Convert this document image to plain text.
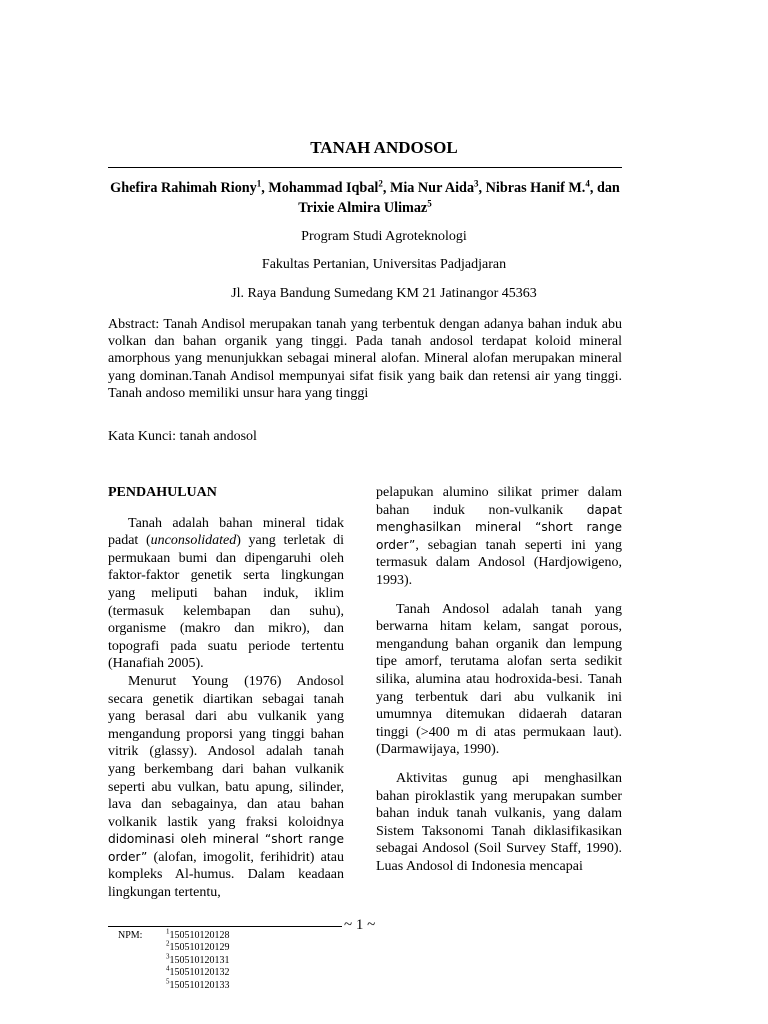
TANAH ANDOSOL
Ghefira Rahimah Riony$^1$, Mohammad Iqbal$^2$, Mia Nur Aida$^3$, Nibras Hanif M.$^4$, dan Trixie Almira Ulimaz$^5$
Program Studi Agroteknologi
Fakultas Pertanian, Universitas Padjadjaran
Jl. Raya Bandung Sumedang KM 21 Jatinangor 45363
Abstract: Tanah Andisol merupakan tanah yang terbentuk dengan adanya bahan induk abu volkan dan bahan organik yang tinggi. Pada tanah andosol terdapat koloid mineral amorphous yang menunjukkan sebagai mineral alofan. Mineral alofan merupakan mineral yang dominan.Tanah Andisol mempunyai sifat fisik yang baik dan retensi air yang tinggi. Tanah andoso memiliki unsur hara yang tinggi
Kata Kunci: tanah andosol

PENDAHULUAN

Tanah adalah bahan mineral tidak padat (unconsolidated) yang terletak di permukaan bumi dan dipengaruhi oleh faktor-faktor genetik serta lingkungan yang meliputi bahan induk, iklim (termasuk kelembapan dan suhu), organisme (makro dan mikro), dan topografi pada suatu periode tertentu (Hanafiah 2005).

Menurut Young (1976) Andosol secara genetik diartikan sebagai tanah yang berasal dari abu vulkanik yang mengandung proporsi yang tinggi bahan vitrik (glassy). Andosol adalah tanah yang berkembang dari bahan vulkanik seperti abu vulkan, batu apung, silinder, lava dan sebagainya, dan atau bahan volkanik lastik yang fraksi koloidnya didominasi oleh mineral “short range order” (alofan, imogolit, ferihidrit) atau kompleks Al-humus. Dalam keadaan lingkungan tertentu,

pelapukan alumino silikat primer dalam bahan induk non-vulkanik dapat menghasilkan mineral “short range order”, sebagian tanah seperti ini yang termasuk dalam Andosol (Hardjowigeno, 1993).

Tanah Andosol adalah tanah yang berwarna hitam kelam, sangat porous, mengandung bahan organik dan lempung tipe amorf, terutama alofan serta sedikit silika, alumina atau hodroxida-besi. Tanah yang terbentuk dari abu vulkanik ini umumnya ditemukan didaerah dataran tinggi (>400 m di atas permukaan laut). (Darmawijaya, 1990).

Aktivitas gunug api menghasilkan bahan piroklastik yang merupakan sumber bahan induk tanah vulkanis, yang dalam Sistem Taksonomi Tanah diklasifikasikan sebagai Andosol (Soil Survey Staff, 1990). Luas Andosol di Indonesia mencapai

~ 1 ~
NPM:	$^1$150510120128
$^2$150510120129
$^3$150510120131
$^4$150510120132
$^5$150510120133
